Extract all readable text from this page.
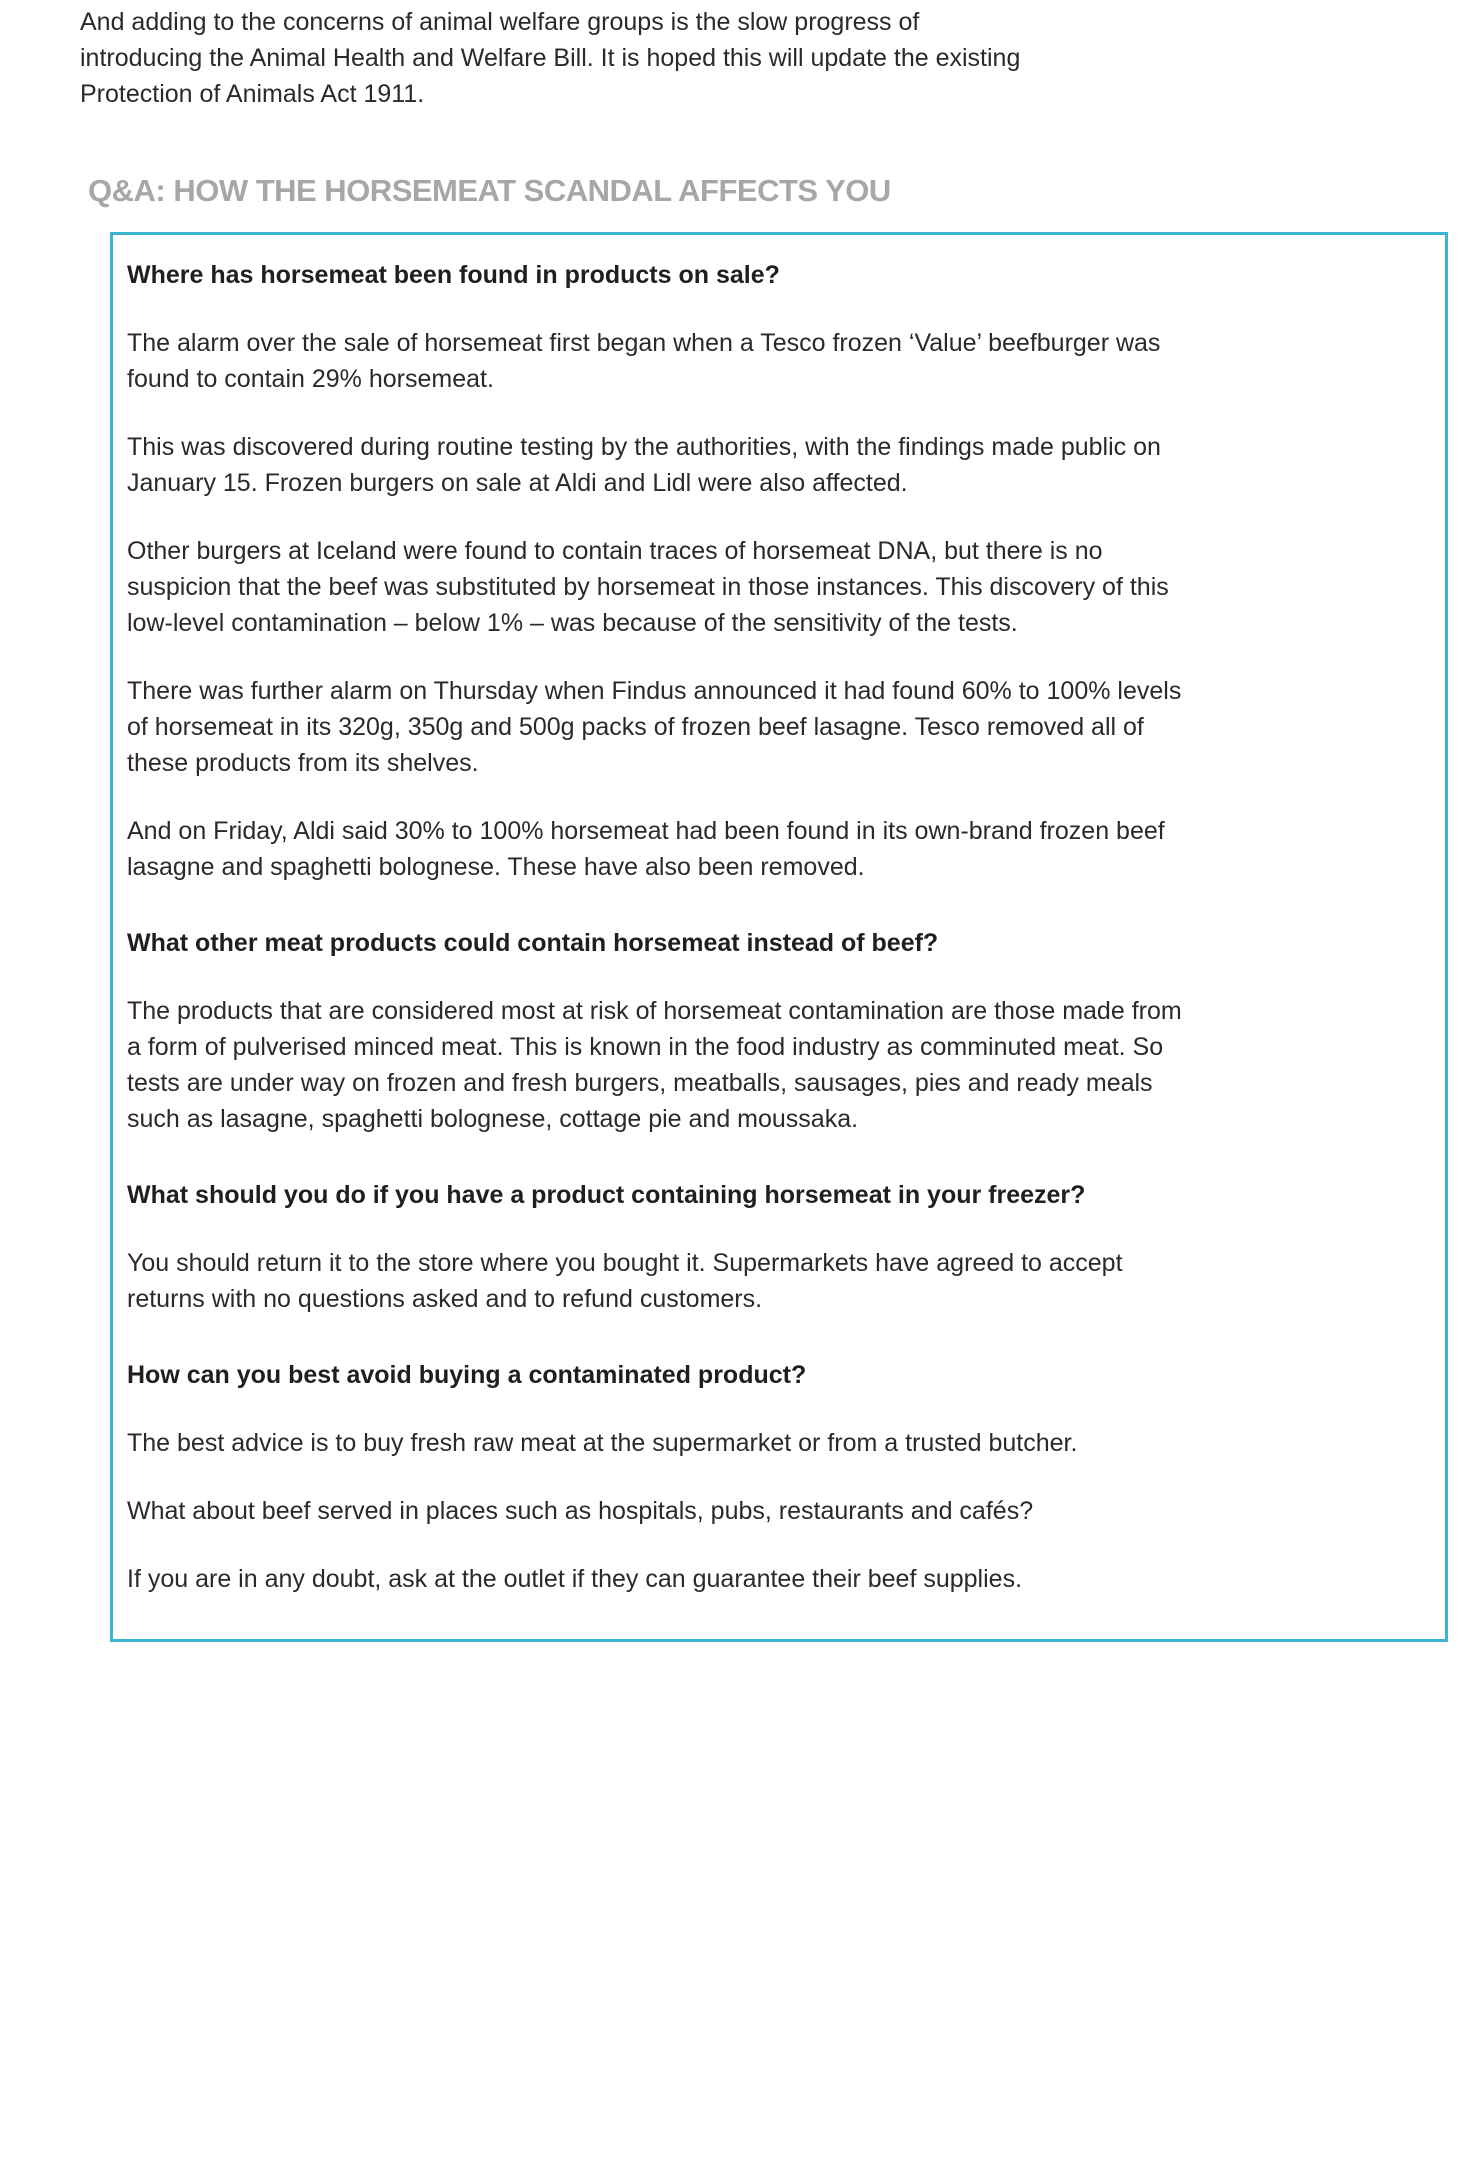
And adding to the concerns of animal welfare groups is the slow progress of introducing the Animal Health and Welfare Bill. It is hoped this will update the existing Protection of Animals Act 1911.

Q&A: HOW THE HORSEMEAT SCANDAL AFFECTS YOU

Where has horsemeat been found in products on sale?

The alarm over the sale of horsemeat first began when a Tesco frozen ‘Value’ beefburger was found to contain 29% horsemeat.

This was discovered during routine testing by the authorities, with the findings made public on January 15. Frozen burgers on sale at Aldi and Lidl were also affected.

Other burgers at Iceland were found to contain traces of horsemeat DNA, but there is no suspicion that the beef was substituted by horsemeat in those instances. This discovery of this low-level contamination – below 1% – was because of the sensitivity of the tests.

There was further alarm on Thursday when Findus announced it had found 60% to 100% levels of horsemeat in its 320g, 350g and 500g packs of frozen beef lasagne. Tesco removed all of these products from its shelves.

And on Friday, Aldi said 30% to 100% horsemeat had been found in its own-brand frozen beef lasagne and spaghetti bolognese. These have also been removed.

What other meat products could contain horsemeat instead of beef?

The products that are considered most at risk of horsemeat contamination are those made from a form of pulverised minced meat. This is known in the food industry as comminuted meat. So tests are under way on frozen and fresh burgers, meatballs, sausages, pies and ready meals such as lasagne, spaghetti bolognese, cottage pie and moussaka.

What should you do if you have a product containing horsemeat in your freezer?

You should return it to the store where you bought it. Supermarkets have agreed to accept returns with no questions asked and to refund customers.

How can you best avoid buying a contaminated product?

The best advice is to buy fresh raw meat at the supermarket or from a trusted butcher.

What about beef served in places such as hospitals, pubs, restaurants and cafés?

If you are in any doubt, ask at the outlet if they can guarantee their beef supplies.
